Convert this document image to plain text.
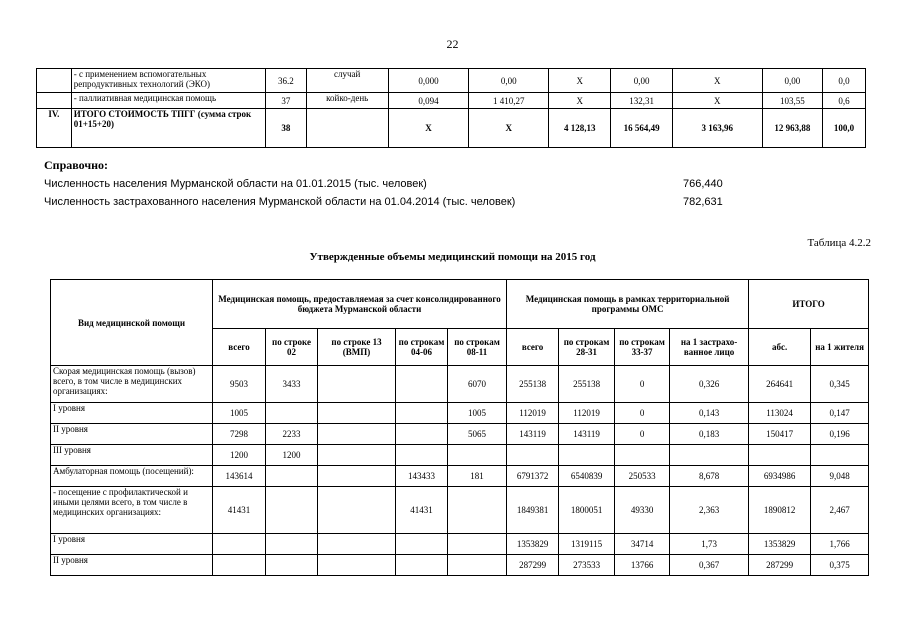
22
	- с применением вспомогательных репродуктивных технологий (ЭКО)	36.2	случай	0,000	0,00	X	0,00	X	0,00	0,0
	- паллиативная медицинская помощь	37	койко-день	0,094	1 410,27	X	132,31	X	103,55	0,6
IV.	ИТОГО СТОИМОСТЬ ТПГГ (сумма строк 01+15+20)	38		X	X	4 128,13	16 564,49	3 163,96	12 963,88	100,0
Справочно:
Численность населения Мурманской области на 01.01.2015 (тыс. человек)	766,440
Численность застрахованного населения Мурманской области на 01.04.2014 (тыс. человек)	782,631
Таблица 4.2.2
Утвержденные объемы медицинский помощи на 2015 год
Вид медицинской помощи	Медицинская помощь, предоставляемая за счет консолидированного бюджета Мурманской области					Медицинская помощь в рамках территориальной программы ОМС				ИТОГО	
	всего	по строке 02	по строке 13 (ВМП)	по строкам 04-06	по строкам 08-11	всего	по строкам 28-31	по строкам 33-37	на 1 застрахо-ванное лицо	абс.	на 1 жителя
Скорая медицинская помощь (вызов) всего, в том числе в медицинских организациях:	9503	3433			6070	255138	255138	0	0,326	264641	0,345
I уровня	1005				1005	112019	112019	0	0,143	113024	0,147
II уровня	7298	2233			5065	143119	143119	0	0,183	150417	0,196
III уровня	1200	1200									
Амбулаторная помощь (посещений):	143614			143433	181	6791372	6540839	250533	8,678	6934986	9,048
- посещение с профилактической и иными целями всего, в том числе в медицинских организациях:	41431			41431		1849381	1800051	49330	2,363	1890812	2,467
I уровня						1353829	1319115	34714	1,73	1353829	1,766
II уровня						287299	273533	13766	0,367	287299	0,375
